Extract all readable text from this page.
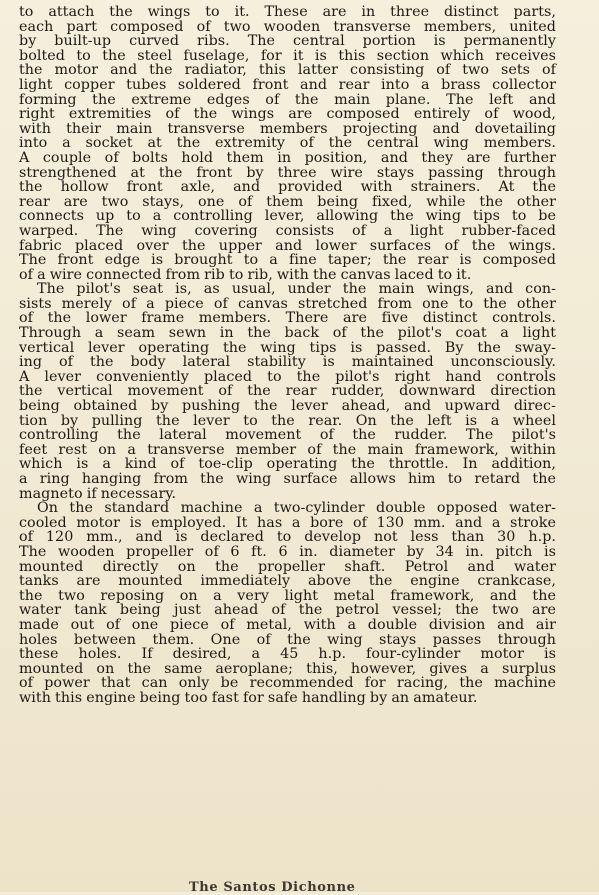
to attach the wings to it. These are in three distinct parts,
each part composed of two wooden transverse members, united
by built-up curved ribs. The central portion is permanently
bolted to the steel fuselage, for it is this section which receives
the motor and the radiator, this latter consisting of two sets of
light copper tubes soldered front and rear into a brass collector
forming the extreme edges of the main plane. The left and
right extremities of the wings are composed entirely of wood,
with their main transverse members projecting and dovetailing
into a socket at the extremity of the central wing members.
A couple of bolts hold them in position, and they are further
strengthened at the front by three wire stays passing through
the hollow front axle, and provided with strainers. At the
rear are two stays, one of them being fixed, while the other
connects up to a controlling lever, allowing the wing tips to be
warped. The wing covering consists of a light rubber-faced
fabric placed over the upper and lower surfaces of the wings.
The front edge is brought to a fine taper; the rear is composed
of a wire connected from rib to rib, with the canvas laced to it.
The pilot's seat is, as usual, under the main wings, and con-
sists merely of a piece of canvas stretched from one to the other
of the lower frame members. There are five distinct controls.
Through a seam sewn in the back of the pilot's coat a light
vertical lever operating the wing tips is passed. By the sway-
ing of the body lateral stability is maintained unconsciously.
A lever conveniently placed to the pilot's right hand controls
the vertical movement of the rear rudder, downward direction
being obtained by pushing the lever ahead, and upward direc-
tion by pulling the lever to the rear. On the left is a wheel
controlling the lateral movement of the rudder. The pilot's
feet rest on a transverse member of the main framework, within
which is a kind of toe-clip operating the throttle. In addition,
a ring hanging from the wing surface allows him to retard the
magneto if necessary.
On the standard machine a two-cylinder double opposed water-
cooled motor is employed. It has a bore of 130 mm. and a stroke
of 120 mm., and is declared to develop not less than 30 h.p.
The wooden propeller of 6 ft. 6 in. diameter by 34 in. pitch is
mounted directly on the propeller shaft. Petrol and water
tanks are mounted immediately above the engine crankcase,
the two reposing on a very light metal framework, and the
water tank being just ahead of the petrol vessel; the two are
made out of one piece of metal, with a double division and air
holes between them. One of the wing stays passes through
these holes. If desired, a 45 h.p. four-cylinder motor is
mounted on the same aeroplane; this, however, gives a surplus
of power that can only be recommended for racing, the machine
with this engine being too fast for safe handling by an amateur.
The Santos Dichonne
